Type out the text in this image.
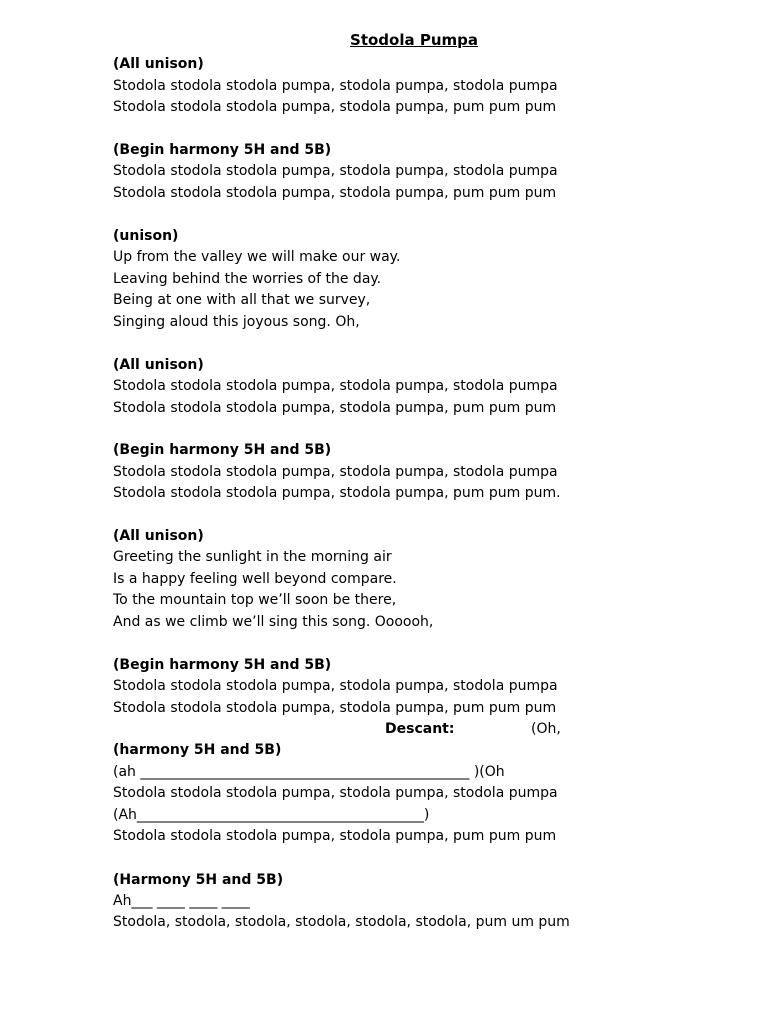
Stodola Pumpa
(All unison)
Stodola stodola stodola pumpa, stodola pumpa, stodola pumpa
Stodola stodola stodola pumpa, stodola pumpa, pum pum pum
(Begin harmony 5H and 5B)
Stodola stodola stodola pumpa, stodola pumpa, stodola pumpa
Stodola stodola stodola pumpa, stodola pumpa, pum pum pum
(unison)
Up from the valley we will make our way.
Leaving behind the worries of the day.
Being at one with all that we survey,
Singing aloud this joyous song. Oh,
(All unison)
Stodola stodola stodola pumpa, stodola pumpa, stodola pumpa
Stodola stodola stodola pumpa, stodola pumpa, pum pum pum
(Begin harmony 5H and 5B)
Stodola stodola stodola pumpa, stodola pumpa, stodola pumpa
Stodola stodola stodola pumpa, stodola pumpa, pum pum pum.
(All unison)
Greeting the sunlight in the morning air
Is a happy feeling well beyond compare.
To the mountain top we’ll soon be there,
And as we climb we’ll sing this song. Oooooh,
(Begin harmony 5H and 5B)
Stodola stodola stodola pumpa, stodola pumpa, stodola pumpa
Stodola stodola stodola pumpa, stodola pumpa, pum pum pum
Descant:	(Oh,
(harmony 5H and 5B)
(ah _______________________________________________ )(Oh
Stodola stodola stodola pumpa, stodola pumpa, stodola pumpa
(Ah_________________________________________)
Stodola stodola stodola pumpa, stodola pumpa, pum pum pum
(Harmony 5H and 5B)
Ah___ ____ ____ ____
Stodola, stodola, stodola, stodola, stodola, stodola, pum um pum
